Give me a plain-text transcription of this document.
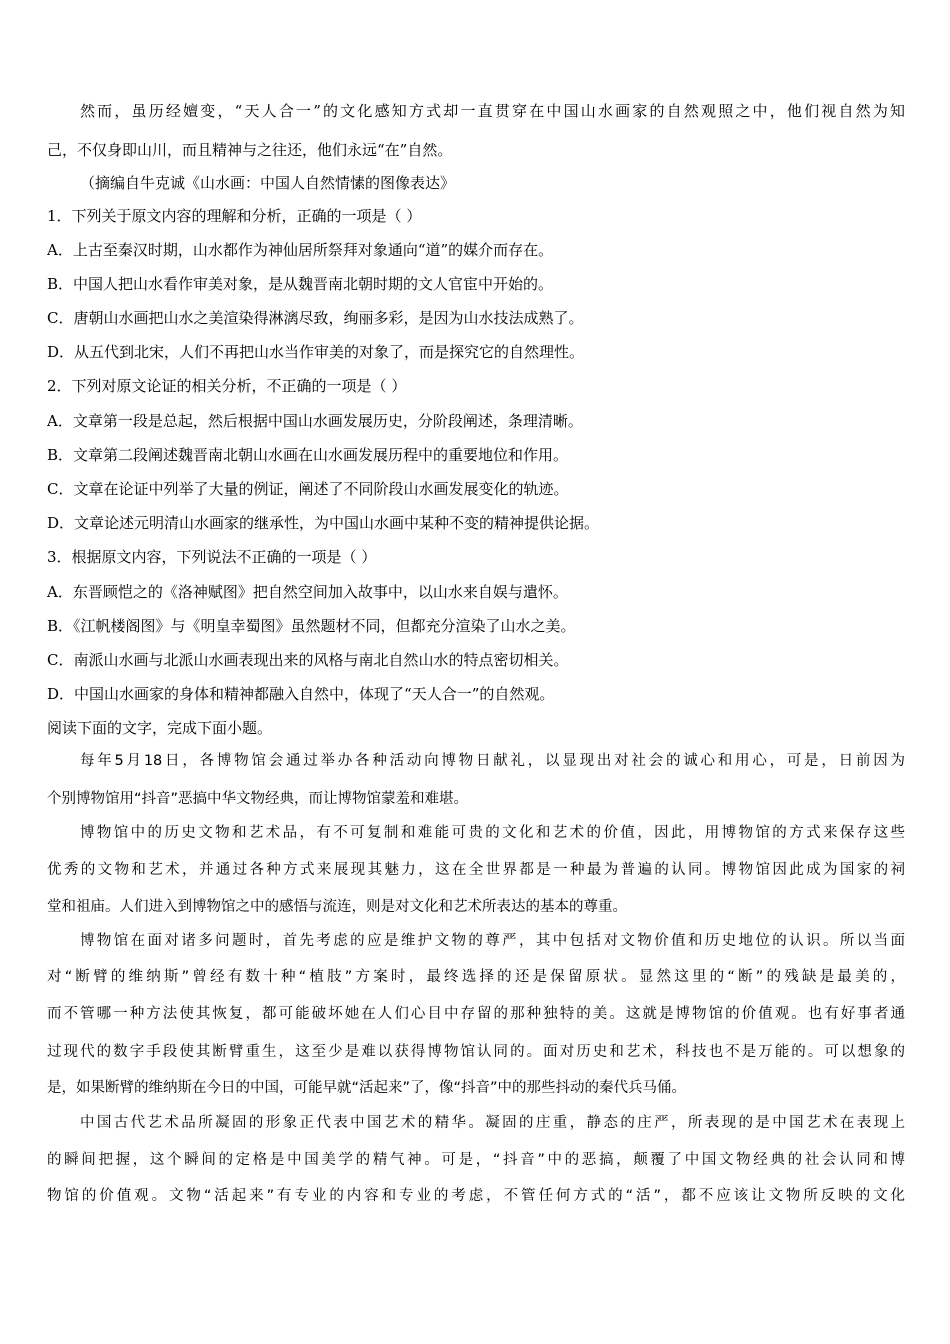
然而，虽历经嬗变，“天人合一”的文化感知方式却一直贯穿在中国山水画家的自然观照之中，他们视自然为知
己，不仅身即山川，而且精神与之往还，他们永远“在”自然。
（摘编自牛克诚《山水画：中国人自然情愫的图像表达》
1．下列关于原文内容的理解和分析，正确的一项是（ ）
A．上古至秦汉时期，山水都作为神仙居所祭拜对象通向“道”的媒介而存在。
B．中国人把山水看作审美对象，是从魏晋南北朝时期的文人官宦中开始的。
C．唐朝山水画把山水之美渲染得淋漓尽致，绚丽多彩，是因为山水技法成熟了。
D．从五代到北宋，人们不再把山水当作审美的对象了，而是探究它的自然理性。
2．下列对原文论证的相关分析，不正确的一项是（ ）
A．文章第一段是总起，然后根据中国山水画发展历史，分阶段阐述，条理清晰。
B．文章第二段阐述魏晋南北朝山水画在山水画发展历程中的重要地位和作用。
C．文章在论证中列举了大量的例证，阐述了不同阶段山水画发展变化的轨迹。
D．文章论述元明清山水画家的继承性，为中国山水画中某种不变的精神提供论据。
3．根据原文内容，下列说法不正确的一项是（ ）
A．东晋顾恺之的《洛神赋图》把自然空间加入故事中，以山水来自娱与遣怀。
B．《江帆楼阁图》与《明皇幸蜀图》虽然题材不同，但都充分渲染了山水之美。
C．南派山水画与北派山水画表现出来的风格与南北自然山水的特点密切相关。
D．中国山水画家的身体和精神都融入自然中，体现了“天人合一”的自然观。
阅读下面的文字，完成下面小题。
每年5月18日，各博物馆会通过举办各种活动向博物日献礼，以显现出对社会的诚心和用心，可是，日前因为
个别博物馆用“抖音”恶搞中华文物经典，而让博物馆蒙羞和难堪。
博物馆中的历史文物和艺术品，有不可复制和难能可贵的文化和艺术的价值，因此，用博物馆的方式来保存这些
优秀的文物和艺术，并通过各种方式来展现其魅力，这在全世界都是一种最为普遍的认同。博物馆因此成为国家的祠
堂和祖庙。人们进入到博物馆之中的感悟与流连，则是对文化和艺术所表达的基本的尊重。
博物馆在面对诸多问题时，首先考虑的应是维护文物的尊严，其中包括对文物价值和历史地位的认识。所以当面
对“断臂的维纳斯”曾经有数十种“植肢”方案时，最终选择的还是保留原状。显然这里的“断”的残缺是最美的，
而不管哪一种方法使其恢复，都可能破坏她在人们心目中存留的那种独特的美。这就是博物馆的价值观。也有好事者通
过现代的数字手段使其断臂重生，这至少是难以获得博物馆认同的。面对历史和艺术，科技也不是万能的。可以想象的
是，如果断臂的维纳斯在今日的中国，可能早就“活起来”了，像“抖音”中的那些抖动的秦代兵马俑。
中国古代艺术品所凝固的形象正代表中国艺术的精华。凝固的庄重，静态的庄严，所表现的是中国艺术在表现上
的瞬间把握，这个瞬间的定格是中国美学的精气神。可是，“抖音”中的恶搞，颠覆了中国文物经典的社会认同和博
物馆的价值观。文物“活起来”有专业的内容和专业的考虑，不管任何方式的“活”，都不应该让文物所反映的文化
